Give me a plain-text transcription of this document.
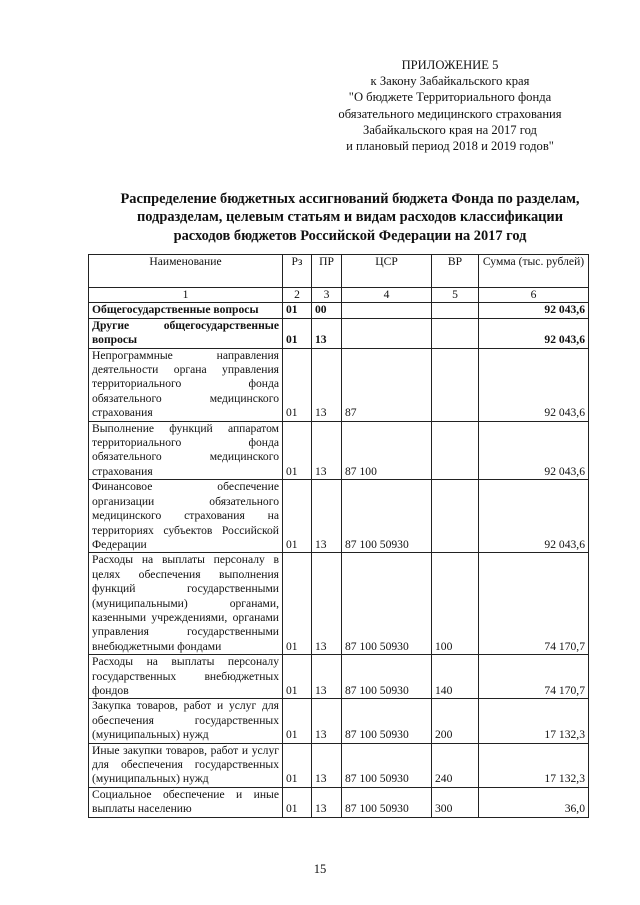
ПРИЛОЖЕНИЕ 5
к Закону Забайкальского края
"О бюджете Территориального фонда
обязательного медицинского страхования
Забайкальского края на 2017 год
и плановый период 2018 и 2019 годов"
Распределение бюджетных ассигнований бюджета Фонда по разделам,
подразделам, целевым статьям и видам расходов классификации
расходов бюджетов Российской Федерации на 2017 год
Наименование	Рз	ПР	ЦСР	ВР	Сумма (тыс. рублей)
1	2	3	4	5	6
Общегосударственные вопросы	01	00			92 043,6
Другие общегосударственные вопросы	01	13			92 043,6
Непрограммные направления деятельности органа управления территориального фонда обязательного медицинского страхования	01	13	87		92 043,6
Выполнение функций аппаратом территориального фонда обязательного медицинского страхования	01	13	87 100		92 043,6
Финансовое обеспечение организации обязательного медицинского страхования на территориях субъектов Российской Федерации	01	13	87 100 50930		92 043,6
Расходы на выплаты персоналу в целях обеспечения выполнения функций государственными (муниципальными) органами, казенными учреждениями, органами управления государственными внебюджетными фондами	01	13	87 100 50930	100	74 170,7
Расходы на выплаты персоналу государственных внебюджетных фондов	01	13	87 100 50930	140	74 170,7
Закупка товаров, работ и услуг для обеспечения государственных (муниципальных) нужд	01	13	87 100 50930	200	17 132,3
Иные закупки товаров, работ и услуг для обеспечения государственных (муниципальных) нужд	01	13	87 100 50930	240	17 132,3
Социальное обеспечение и иные выплаты населению	01	13	87 100 50930	300	36,0
15
